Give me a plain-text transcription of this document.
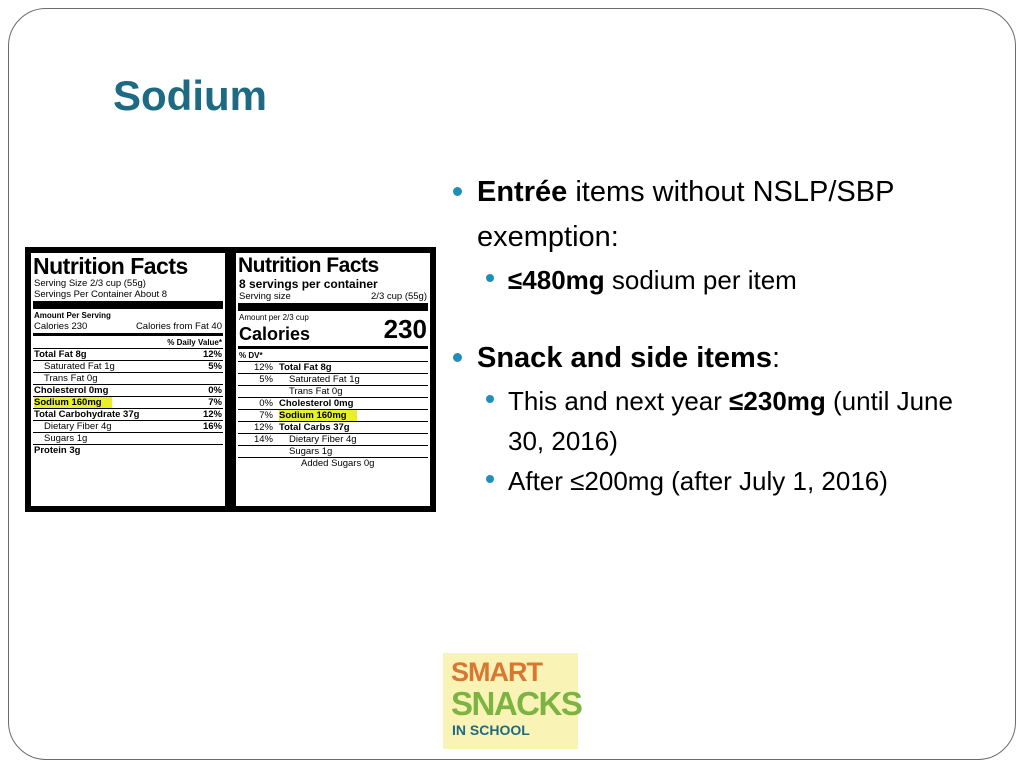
Sodium
Nutrition Facts
Serving Size 2/3 cup (55g)
Servings Per Container About 8
Amount Per Serving
Calories 230	Calories from Fat 40
% Daily Value*
Total Fat 8g	12%
Saturated Fat 1g	5%
Trans Fat 0g
Cholesterol 0mg	0%
Sodium 160mg	7%
Total Carbohydrate 37g	12%
Dietary Fiber 4g	16%
Sugars 1g
Protein 3g
Nutrition Facts
8 servings per container
Serving size	2/3 cup (55g)
Amount per 2/3 cup
Calories	230
% DV*
12% Total Fat 8g
5% Saturated Fat 1g
Trans Fat 0g
0% Cholesterol 0mg
7% Sodium 160mg
12% Total Carbs 37g
14% Dietary Fiber 4g
Sugars 1g
Added Sugars 0g
Entrée items without NSLP/SBP exemption:
≤480mg sodium per item
Snack and side items:
This and next year ≤230mg (until June 30, 2016)
After ≤200mg (after July 1, 2016)
SMART
SNACKS
IN SCHOOL
